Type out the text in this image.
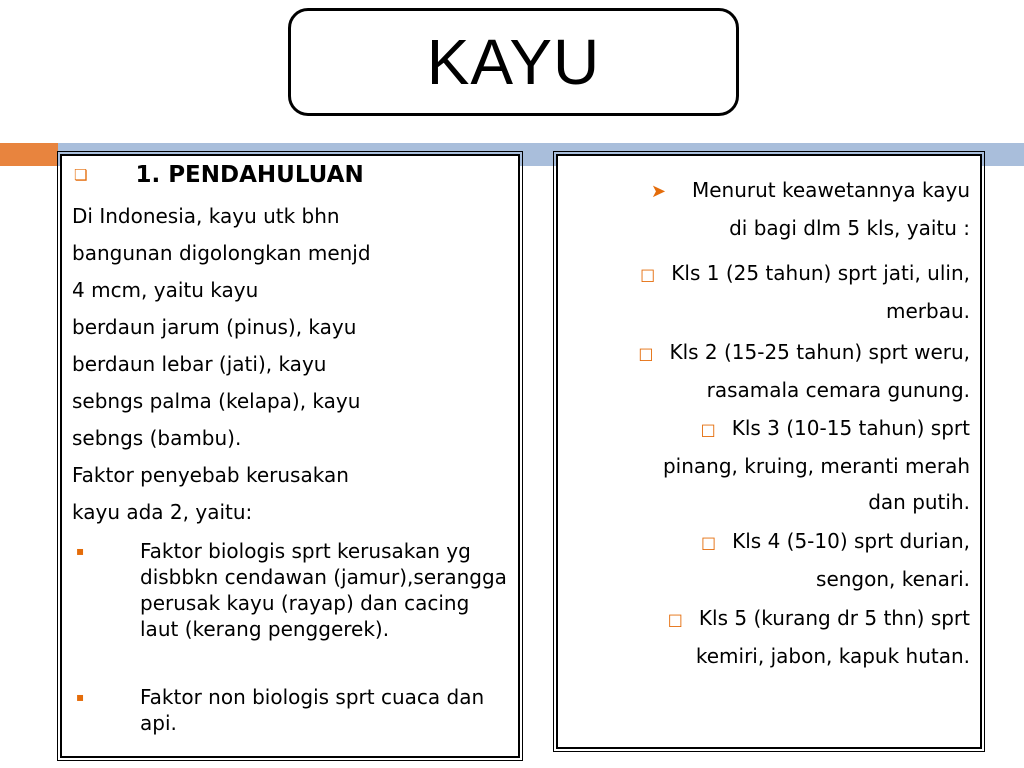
KAYU
❏ 1. PENDAHULUAN
Di Indonesia, kayu utk bhn
bangunan digolongkan menjd
4 mcm, yaitu kayu
berdaun jarum (pinus), kayu
berdaun lebar (jati), kayu
sebngs palma (kelapa), kayu
sebngs (bambu).
Faktor penyebab kerusakan
kayu ada 2, yaitu:
▪	Faktor biologis sprt kerusakan yg disbbkn cendawan (jamur),serangga perusak kayu (rayap) dan cacing laut (kerang penggerek).
▪	Faktor non biologis sprt cuaca dan api.
➤ Menurut keawetannya kayu
di bagi dlm 5 kls, yaitu :
□ Kls 1 (25 tahun) sprt jati, ulin,
merbau.
□ Kls 2 (15-25 tahun) sprt weru,
rasamala cemara gunung.
□ Kls 3 (10-15 tahun) sprt
pinang, kruing, meranti merah
dan putih.
□ Kls 4 (5-10) sprt durian,
sengon, kenari.
□ Kls 5 (kurang dr 5 thn) sprt
kemiri, jabon, kapuk hutan.
